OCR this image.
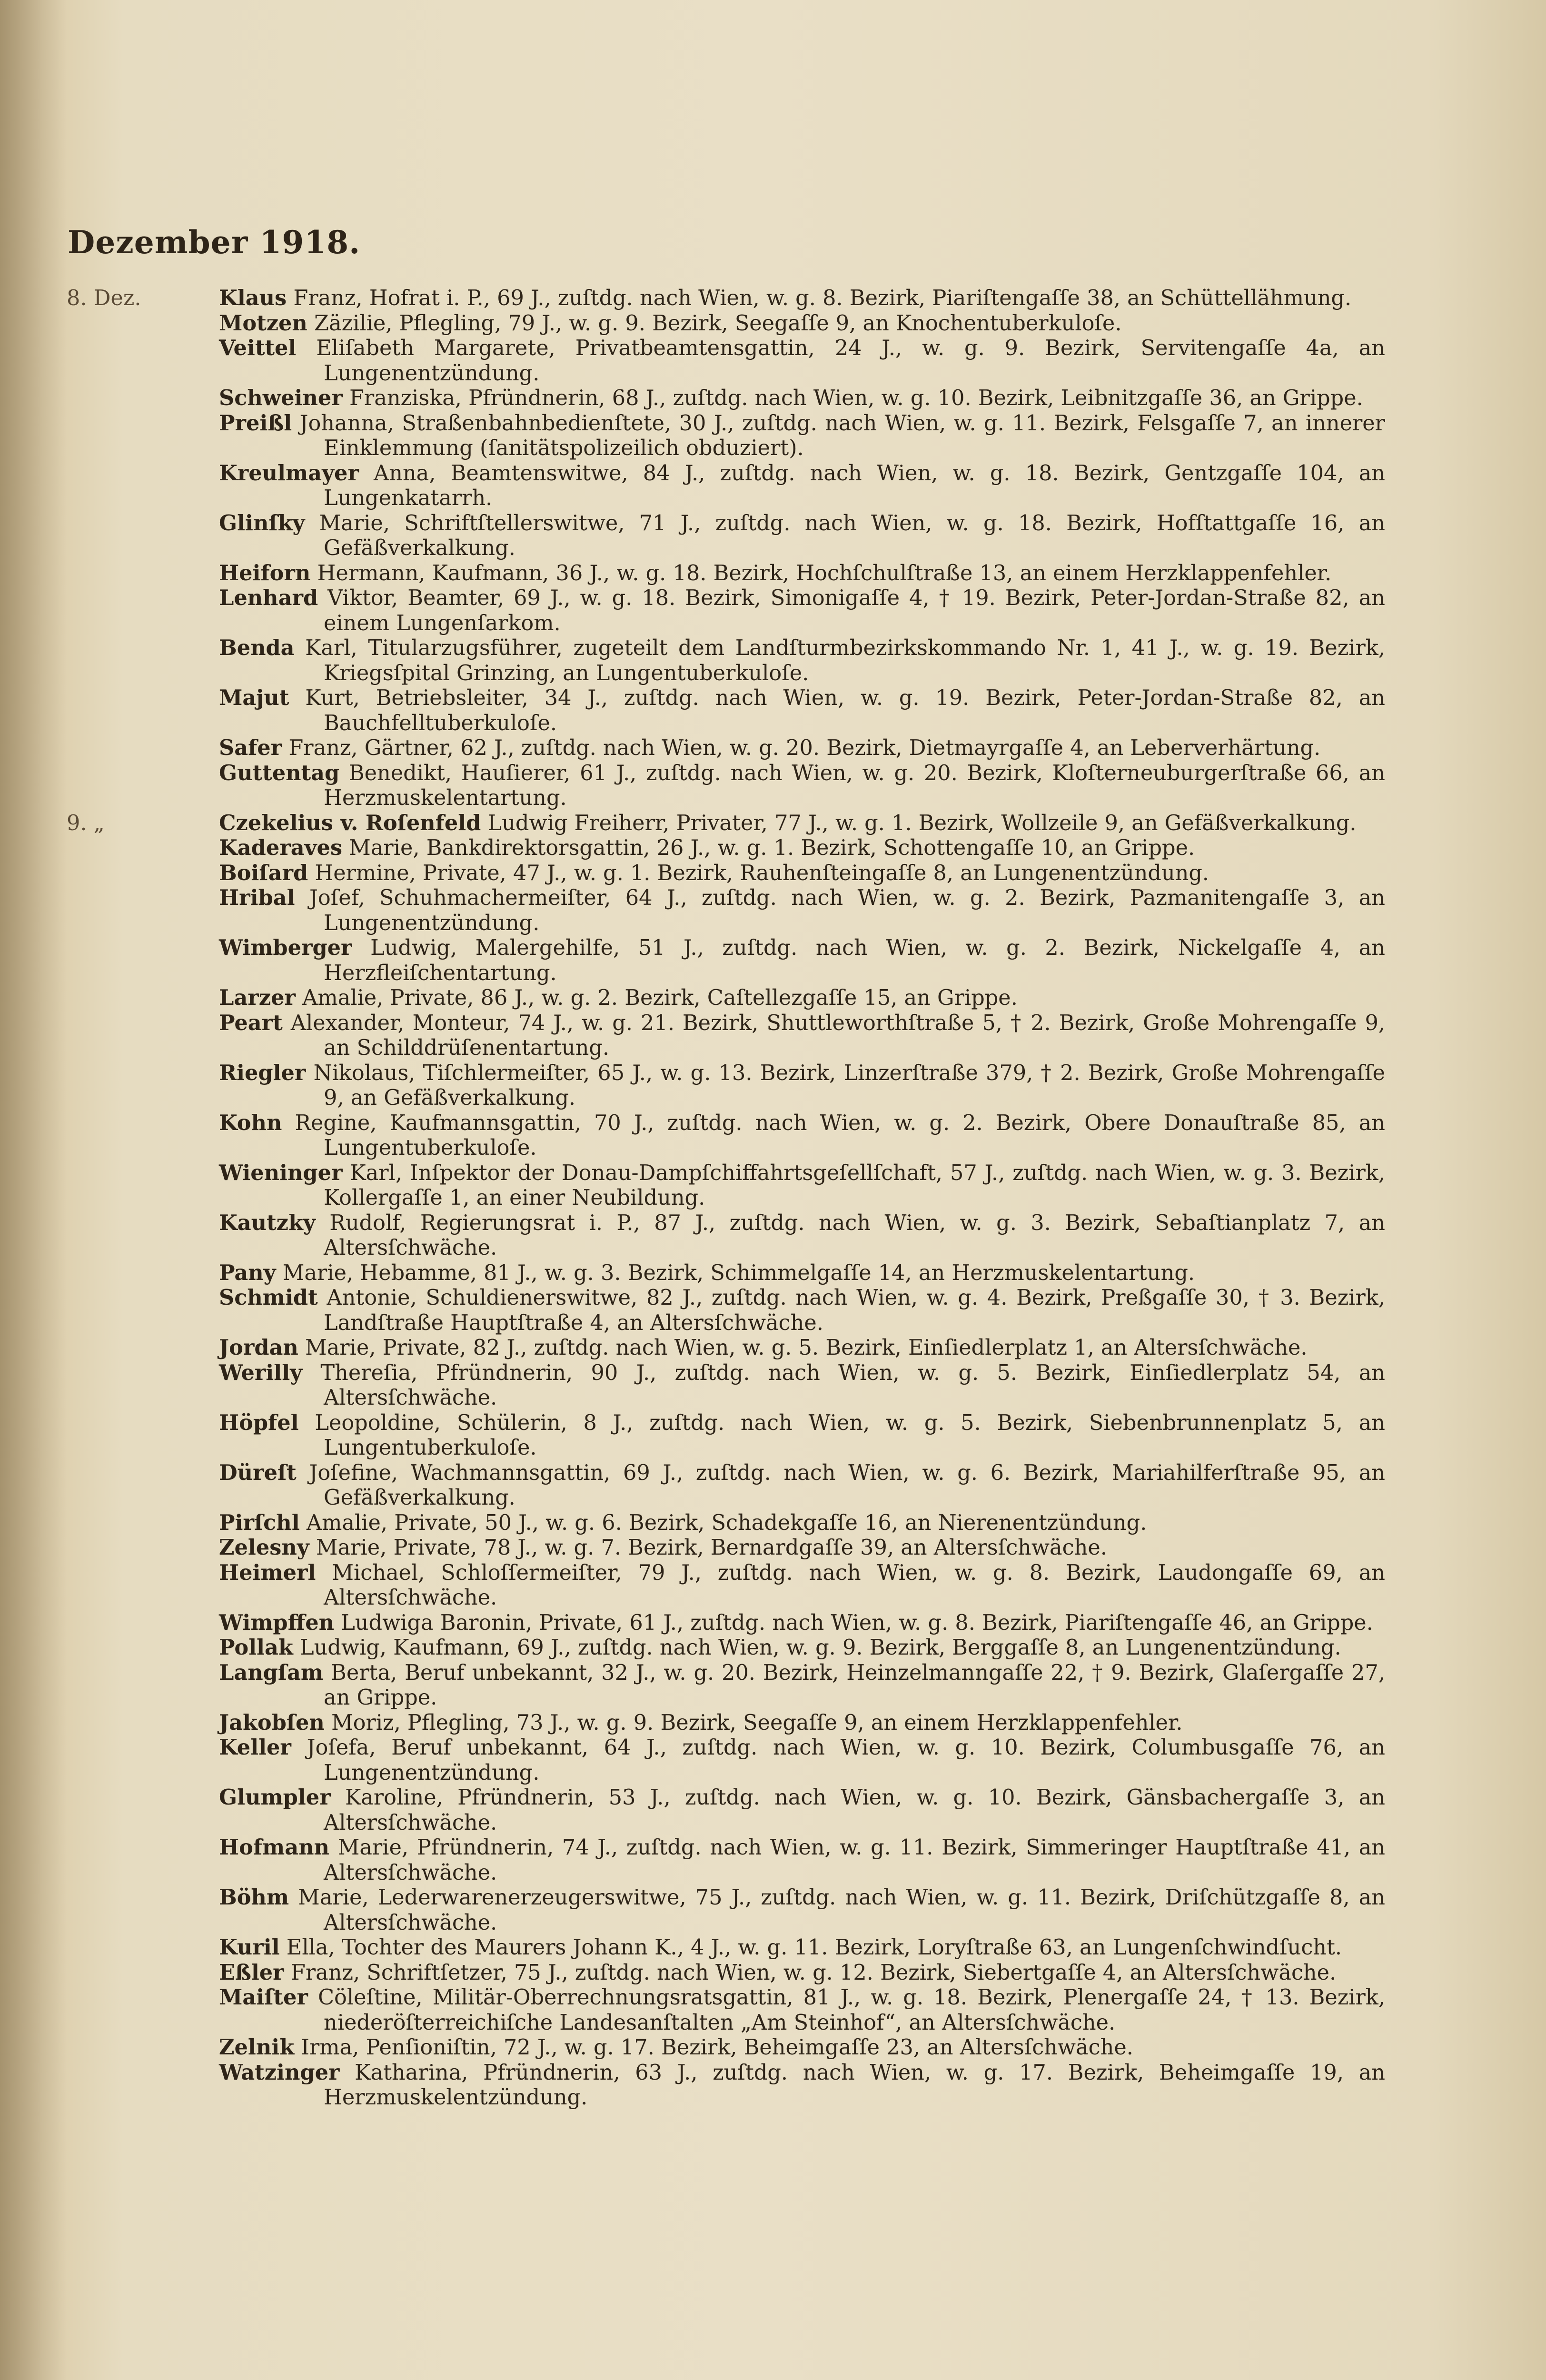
Dezember 1918.
8. Dez.	Klaus Franz, Hofrat i. P., 69 J., zuſtdg. nach Wien, w. g. 8. Bezirk, Piariſtengaſſe 38, an Schüttellähmung.
Motzen Zäzilie, Pflegling, 79 J., w. g. 9. Bezirk, Seegaſſe 9, an Knochentuberkuloſe.
Veittel Eliſabeth Margarete, Privatbeamtensgattin, 24 J., w. g. 9. Bezirk, Servitengaſſe 4a, an Lungenentzündung.
Schweiner Franziska, Pfründnerin, 68 J., zuſtdg. nach Wien, w. g. 10. Bezirk, Leibnitzgaſſe 36, an Grippe.
Preißl Johanna, Straßenbahnbedienſtete, 30 J., zuſtdg. nach Wien, w. g. 11. Bezirk, Felsgaſſe 7, an innerer Einklemmung (ſanitätspolizeilich obduziert).
Kreulmayer Anna, Beamtenswitwe, 84 J., zuſtdg. nach Wien, w. g. 18. Bezirk, Gentzgaſſe 104, an Lungenkatarrh.
Glinſky Marie, Schriftſtellerswitwe, 71 J., zuſtdg. nach Wien, w. g. 18. Bezirk, Hofſtattgaſſe 16, an Gefäßverkalkung.
Heiforn Hermann, Kaufmann, 36 J., w. g. 18. Bezirk, Hochſchulſtraße 13, an einem Herzklappenfehler.
Lenhard Viktor, Beamter, 69 J., w. g. 18. Bezirk, Simonigaſſe 4, † 19. Bezirk, Peter-Jordan-Straße 82, an einem Lungenſarkom.
Benda Karl, Titularzugsführer, zugeteilt dem Landſturmbezirkskommando Nr. 1, 41 J., w. g. 19. Bezirk, Kriegsſpital Grinzing, an Lungentuberkuloſe.
Majut Kurt, Betriebsleiter, 34 J., zuſtdg. nach Wien, w. g. 19. Bezirk, Peter-Jordan-Straße 82, an Bauchfelltuberkuloſe.
Safer Franz, Gärtner, 62 J., zuſtdg. nach Wien, w. g. 20. Bezirk, Dietmayrgaſſe 4, an Leberverhärtung.
Guttentag Benedikt, Hauſierer, 61 J., zuſtdg. nach Wien, w. g. 20. Bezirk, Kloſterneuburgerſtraße 66, an Herzmuskelentartung.
9. „	Czekelius v. Roſenfeld Ludwig Freiherr, Privater, 77 J., w. g. 1. Bezirk, Wollzeile 9, an Gefäßverkalkung.
Kaderaves Marie, Bankdirektorsgattin, 26 J., w. g. 1. Bezirk, Schottengaſſe 10, an Grippe.
Boiſard Hermine, Private, 47 J., w. g. 1. Bezirk, Rauhenſteingaſſe 8, an Lungenentzündung.
Hribal Joſef, Schuhmachermeiſter, 64 J., zuſtdg. nach Wien, w. g. 2. Bezirk, Pazmanitengaſſe 3, an Lungenentzündung.
Wimberger Ludwig, Malergehilfe, 51 J., zuſtdg. nach Wien, w. g. 2. Bezirk, Nickelgaſſe 4, an Herzfleiſchentartung.
Larzer Amalie, Private, 86 J., w. g. 2. Bezirk, Caſtellezgaſſe 15, an Grippe.
Peart Alexander, Monteur, 74 J., w. g. 21. Bezirk, Shuttleworthſtraße 5, † 2. Bezirk, Große Mohrengaſſe 9, an Schilddrüſenentartung.
Riegler Nikolaus, Tiſchlermeiſter, 65 J., w. g. 13. Bezirk, Linzerſtraße 379, † 2. Bezirk, Große Mohrengaſſe 9, an Gefäßverkalkung.
Kohn Regine, Kaufmannsgattin, 70 J., zuſtdg. nach Wien, w. g. 2. Bezirk, Obere Donauſtraße 85, an Lungentuberkuloſe.
Wieninger Karl, Inſpektor der Donau-Dampſchiffahrtsgeſellſchaft, 57 J., zuſtdg. nach Wien, w. g. 3. Bezirk, Kollergaſſe 1, an einer Neubildung.
Kautzky Rudolf, Regierungsrat i. P., 87 J., zuſtdg. nach Wien, w. g. 3. Bezirk, Sebaſtianplatz 7, an Altersſchwäche.
Pany Marie, Hebamme, 81 J., w. g. 3. Bezirk, Schimmelgaſſe 14, an Herzmuskelentartung.
Schmidt Antonie, Schuldienerswitwe, 82 J., zuſtdg. nach Wien, w. g. 4. Bezirk, Preßgaſſe 30, † 3. Bezirk, Landſtraße Hauptſtraße 4, an Altersſchwäche.
Jordan Marie, Private, 82 J., zuſtdg. nach Wien, w. g. 5. Bezirk, Einſiedlerplatz 1, an Altersſchwäche.
Werilly Thereſia, Pfründnerin, 90 J., zuſtdg. nach Wien, w. g. 5. Bezirk, Einſiedlerplatz 54, an Altersſchwäche.
Höpfel Leopoldine, Schülerin, 8 J., zuſtdg. nach Wien, w. g. 5. Bezirk, Siebenbrunnenplatz 5, an Lungentuberkuloſe.
Düreſt Joſefine, Wachmannsgattin, 69 J., zuſtdg. nach Wien, w. g. 6. Bezirk, Mariahilferſtraße 95, an Gefäßverkalkung.
Pirſchl Amalie, Private, 50 J., w. g. 6. Bezirk, Schadekgaſſe 16, an Nierenentzündung.
Zelesny Marie, Private, 78 J., w. g. 7. Bezirk, Bernardgaſſe 39, an Altersſchwäche.
Heimerl Michael, Schloſſermeiſter, 79 J., zuſtdg. nach Wien, w. g. 8. Bezirk, Laudongaſſe 69, an Altersſchwäche.
Wimpffen Ludwiga Baronin, Private, 61 J., zuſtdg. nach Wien, w. g. 8. Bezirk, Piariſtengaſſe 46, an Grippe.
Pollak Ludwig, Kaufmann, 69 J., zuſtdg. nach Wien, w. g. 9. Bezirk, Berggaſſe 8, an Lungenentzündung.
Langſam Berta, Beruf unbekannt, 32 J., w. g. 20. Bezirk, Heinzelmanngaſſe 22, † 9. Bezirk, Glaſergaſſe 27, an Grippe.
Jakobſen Moriz, Pflegling, 73 J., w. g. 9. Bezirk, Seegaſſe 9, an einem Herzklappenfehler.
Keller Joſefa, Beruf unbekannt, 64 J., zuſtdg. nach Wien, w. g. 10. Bezirk, Columbusgaſſe 76, an Lungenentzündung.
Glumpler Karoline, Pfründnerin, 53 J., zuſtdg. nach Wien, w. g. 10. Bezirk, Gänsbachergaſſe 3, an Altersſchwäche.
Hofmann Marie, Pfründnerin, 74 J., zuſtdg. nach Wien, w. g. 11. Bezirk, Simmeringer Hauptſtraße 41, an Altersſchwäche.
Böhm Marie, Lederwarenerzeugerswitwe, 75 J., zuſtdg. nach Wien, w. g. 11. Bezirk, Driſchützgaſſe 8, an Altersſchwäche.
Kuril Ella, Tochter des Maurers Johann K., 4 J., w. g. 11. Bezirk, Loryſtraße 63, an Lungenſchwindſucht.
Eßler Franz, Schriftſetzer, 75 J., zuſtdg. nach Wien, w. g. 12. Bezirk, Siebertgaſſe 4, an Altersſchwäche.
Maiſter Cöleſtine, Militär-Oberrechnungsratsgattin, 81 J., w. g. 18. Bezirk, Plenergaſſe 24, † 13. Bezirk, niederöſterreichiſche Landesanſtalten „Am Steinhof“, an Altersſchwäche.
Zelnik Irma, Penſioniſtin, 72 J., w. g. 17. Bezirk, Beheimgaſſe 23, an Altersſchwäche.
Watzinger Katharina, Pfründnerin, 63 J., zuſtdg. nach Wien, w. g. 17. Bezirk, Beheimgaſſe 19, an Herzmuskelentzündung.
